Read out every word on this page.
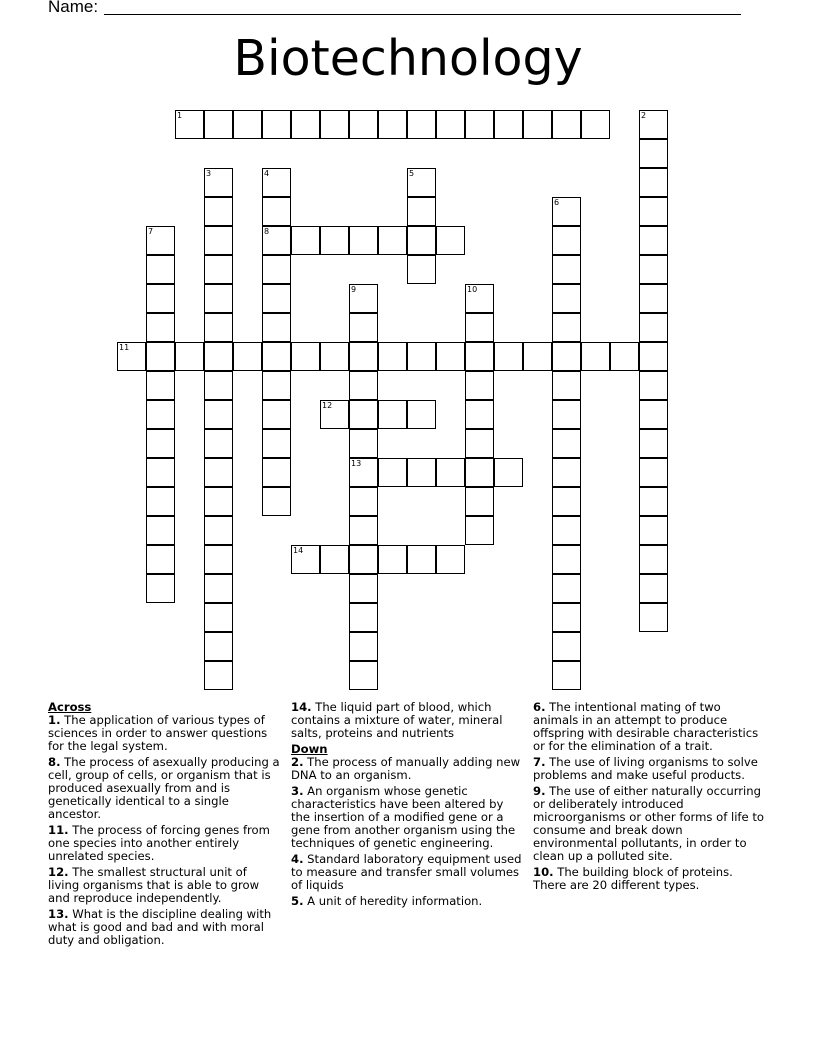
Name:
Biotechnology
1	2
3	4
8
5
6
7
9
13
10
11
12
14
Across
1. The application of various types of sciences in order to answer questions for the legal system.
8. The process of asexually producing a cell, group of cells, or organism that is produced asexually from and is genetically identical to a single ancestor.
11. The process of forcing genes from one species into another entirely unrelated species.
12. The smallest structural unit of living organisms that is able to grow and reproduce independently.
13. What is the discipline dealing with what is good and bad and with moral duty and obligation.
14. The liquid part of blood, which contains a mixture of water, mineral salts, proteins and nutrients
Down
2. The process of manually adding new DNA to an organism.
3. An organism whose genetic characteristics have been altered by the insertion of a modified gene or a gene from another organism using the techniques of genetic engineering.
4. Standard laboratory equipment used to measure and transfer small volumes of liquids
5. A unit of heredity information.
6. The intentional mating of two animals in an attempt to produce offspring with desirable characteristics or for the elimination of a trait.
7. The use of living organisms to solve problems and make useful products.
9. The use of either naturally occurring or deliberately introduced microorganisms or other forms of life to consume and break down environmental pollutants, in order to clean up a polluted site.
10. The building block of proteins. There are 20 different types.
